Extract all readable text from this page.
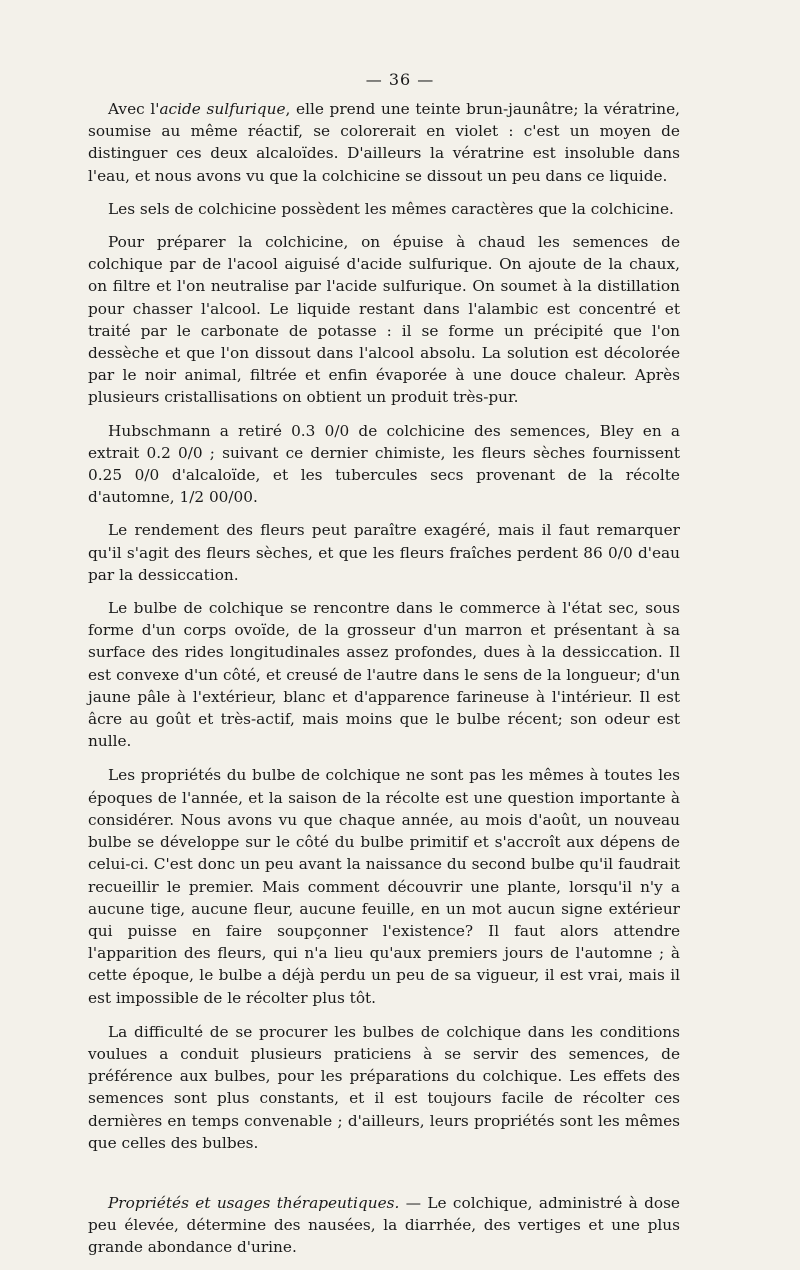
— 36 —

Avec l'acide sulfurique, elle prend une teinte brun-jaunâtre; la vératrine, soumise au même réactif, se colorerait en violet : c'est un moyen de distinguer ces deux alcaloïdes. D'ailleurs la vératrine est insoluble dans l'eau, et nous avons vu que la colchicine se dissout un peu dans ce liquide.

Les sels de colchicine possèdent les mêmes caractères que la colchicine.

Pour préparer la colchicine, on épuise à chaud les semences de colchique par de l'acool aiguisé d'acide sulfurique. On ajoute de la chaux, on filtre et l'on neutralise par l'acide sulfurique. On soumet à la distillation pour chasser l'alcool. Le liquide restant dans l'alambic est concentré et traité par le carbonate de potasse : il se forme un précipité que l'on dessèche et que l'on dissout dans l'alcool absolu. La solution est décolorée par le noir animal, filtrée et enfin évaporée à une douce chaleur. Après plusieurs cristallisations on obtient un produit très-pur.

Hubschmann a retiré 0.3 0/0 de colchicine des semences, Bley en a extrait 0.2 0/0 ; suivant ce dernier chimiste, les fleurs sèches fournissent 0.25 0/0 d'alcaloïde, et les tubercules secs provenant de la récolte d'automne, 1/2 00/00.

Le rendement des fleurs peut paraître exagéré, mais il faut remarquer qu'il s'agit des fleurs sèches, et que les fleurs fraîches perdent 86 0/0 d'eau par la dessiccation.

Le bulbe de colchique se rencontre dans le commerce à l'état sec, sous forme d'un corps ovoïde, de la grosseur d'un marron et présentant à sa surface des rides longitudinales assez profondes, dues à la dessiccation. Il est convexe d'un côté, et creusé de l'autre dans le sens de la longueur; d'un jaune pâle à l'extérieur, blanc et d'apparence farineuse à l'intérieur. Il est âcre au goût et très-actif, mais moins que le bulbe récent; son odeur est nulle.

Les propriétés du bulbe de colchique ne sont pas les mêmes à toutes les époques de l'année, et la saison de la récolte est une question importante à considérer. Nous avons vu que chaque année, au mois d'août, un nouveau bulbe se développe sur le côté du bulbe primitif et s'accroît aux dépens de celui-ci. C'est donc un peu avant la naissance du second bulbe qu'il faudrait recueillir le premier. Mais comment découvrir une plante, lorsqu'il n'y a aucune tige, aucune fleur, aucune feuille, en un mot aucun signe extérieur qui puisse en faire soupçonner l'existence? Il faut alors attendre l'apparition des fleurs, qui n'a lieu qu'aux premiers jours de l'automne ; à cette époque, le bulbe a déjà perdu un peu de sa vigueur, il est vrai, mais il est impossible de le récolter plus tôt.

La difficulté de se procurer les bulbes de colchique dans les conditions voulues a conduit plusieurs praticiens à se servir des semences, de préférence aux bulbes, pour les préparations du colchique. Les effets des semences sont plus constants, et il est toujours facile de récolter ces dernières en temps convenable ; d'ailleurs, leurs propriétés sont les mêmes que celles des bulbes.

Propriétés et usages thérapeutiques. — Le colchique, administré à dose peu élevée, détermine des nausées, la diarrhée, des vertiges et une plus grande abondance d'urine.
